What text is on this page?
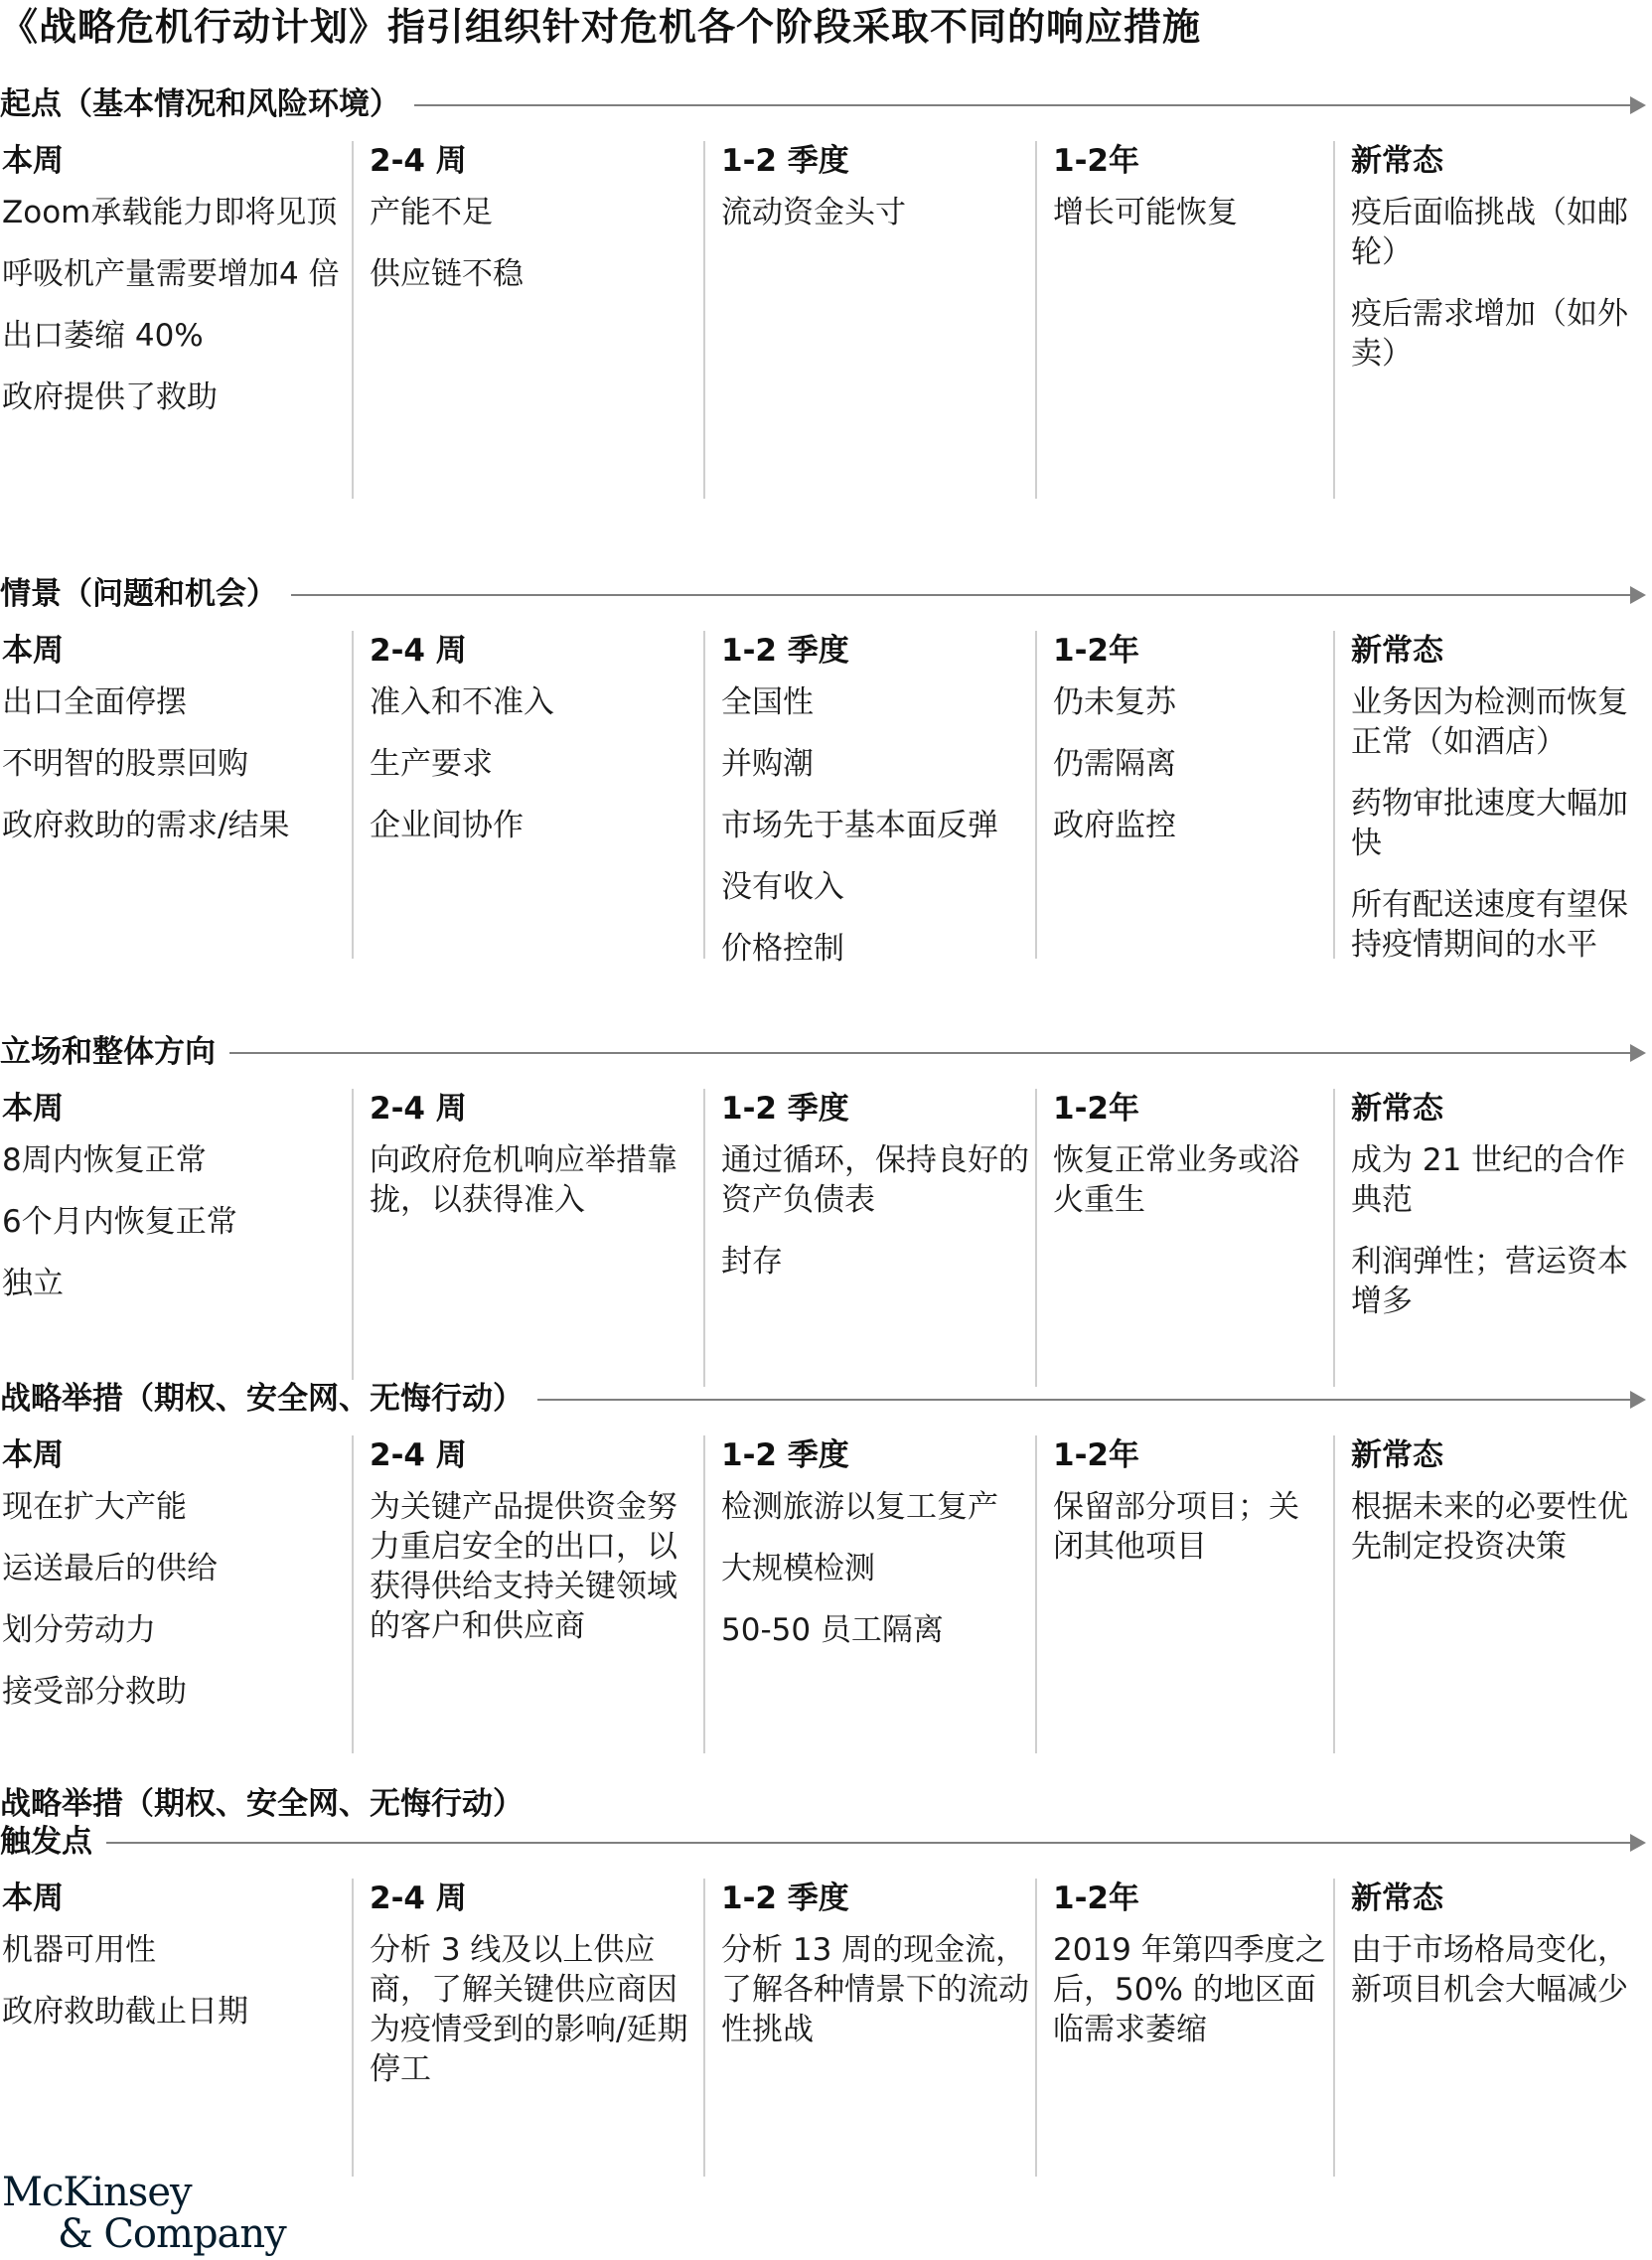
《战略危机行动计划》指引组织针对危机各个阶段采取不同的响应措施
起点（基本情况和风险环境）
本周
Zoom承载能力即将见顶
呼吸机产量需要增加4 倍
出口萎缩 40%
政府提供了救助
2-4 周
产能不足
供应链不稳
1-2 季度
流动资金头寸
1-2年
增长可能恢复
新常态
疫后面临挑战（如邮轮）
疫后需求增加（如外卖）
情景（问题和机会）
本周
出口全面停摆
不明智的股票回购
政府救助的需求/结果
2-4 周
准入和不准入
生产要求
企业间协作
1-2 季度
全国性
并购潮
市场先于基本面反弹
没有收入
价格控制
1-2年
仍未复苏
仍需隔离
政府监控
新常态
业务因为检测而恢复正常（如酒店）
药物审批速度大幅加快
所有配送速度有望保持疫情期间的水平
立场和整体方向
本周
8周内恢复正常
6个月内恢复正常
独立
2-4 周
向政府危机响应举措靠拢，以获得准入
1-2 季度
通过循环，保持良好的资产负债表
封存
1-2年
恢复正常业务或浴火重生
新常态
成为 21 世纪的合作典范
利润弹性；营运资本增多
战略举措（期权、安全网、无悔行动）
本周
现在扩大产能
运送最后的供给
划分劳动力
接受部分救助
2-4 周
为关键产品提供资金努力重启安全的出口，以获得供给支持关键领域的客户和供应商
1-2 季度
检测旅游以复工复产
大规模检测
50-50 员工隔离
1-2年
保留部分项目；关闭其他项目
新常态
根据未来的必要性优先制定投资决策
战略举措（期权、安全网、无悔行动）
触发点
本周
机器可用性
政府救助截止日期
2-4 周
分析 3 线及以上供应商，了解关键供应商因为疫情受到的影响/延期停工
1-2 季度
分析 13 周的现金流，了解各种情景下的流动性挑战
1-2年
2019 年第四季度之后，50% 的地区面临需求萎缩
新常态
由于市场格局变化，新项目机会大幅减少
McKinsey
& Company
